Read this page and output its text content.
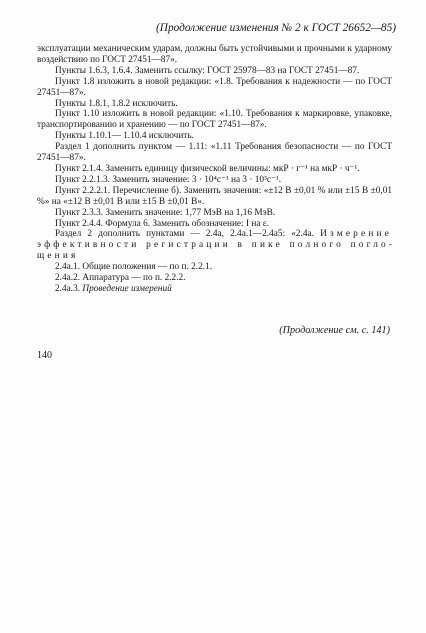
(Продолжение изменения № 2 к ГОСТ 26652—85)

эксплуатации механическим ударам, должны быть устойчивыми и прочными к ударному воздействию по ГОСТ 27451—87».

Пункты 1.6.3, 1.6.4. Заменить ссылку: ГОСТ 25978—83 на ГОСТ 27451—87.

Пункт 1.8 изложить в новой редакции: «1.8. Требования к надежности — по ГОСТ 27451—87».

Пункты 1.8.1, 1.8.2 исключить.

Пункт 1.10 изложить в новой редакции: «1.10. Требования к маркировке, упаковке, транспортированию и хранению — по ГОСТ 27451—87».

Пункты 1.10.1— 1.10.4 исключить.

Раздел 1 дополнить пунктом — 1.11: «1.11 Требования безопасности — по ГОСТ 27451—87».

Пункт 2.1.4. Заменить единицу физической величины: мкР · г⁻¹ на мкР · ч⁻¹.

Пункт 2.2.1.3. Заменить значение: 3 · 10⁴с⁻¹ на 3 · 10³с⁻¹.

Пункт 2.2.2.1. Перечисление б). Заменить значения: «±12 В ±0,01 % или ±15 В ±0,01 %» на «±12 В ±0,01 В или ±15 В ±0,01 В».

Пункт 2.3.3. Заменить значение: 1,77 МэВ на 1,16 МэВ.

Пункт 2.4.4. Формула 6. Заменить обозначение: I на ε.

Раздел 2 дополнить пунктами — 2.4а, 2.4а.1—2.4а5: «2.4а. Измерение эффективности регистрации в пике полного поглощения

2.4а.1. Общие положения — по п. 2.2.1.

2.4а.2. Аппаратура — по п. 2.2.2.

2.4а.3. Проведение измерений

(Продолжение см. с. 141)
140
